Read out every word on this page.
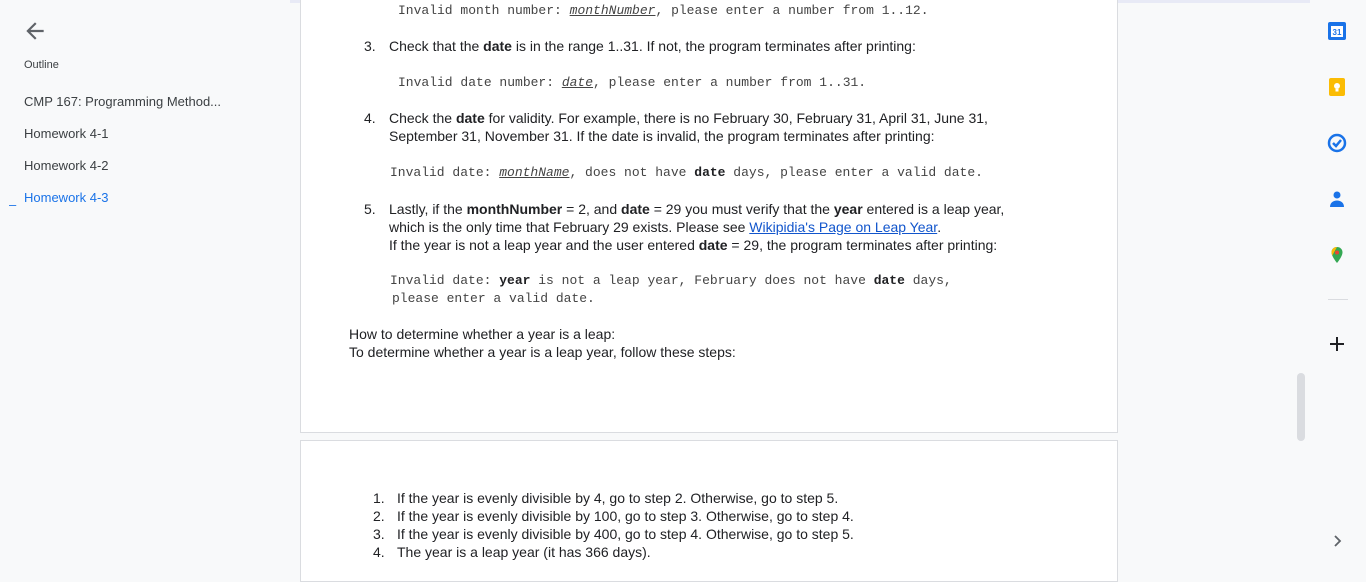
Outline
CMP 167: Programming Method...
Homework 4-1
Homework 4-2
– Homework 4-3
Invalid month number: monthNumber, please enter a number from 1..12.
3. Check that the date is in the range 1..31. If not, the program terminates after printing:
Invalid date number: date, please enter a number from 1..31.
4. Check the date for validity. For example, there is no February 30, February 31, April 31, June 31,
September 31, November 31. If the date is invalid, the program terminates after printing:
Invalid date: monthName, does not have date days, please enter a valid date.
5. Lastly, if the monthNumber = 2, and date = 29 you must verify that the year entered is a leap year,
which is the only time that February 29 exists. Please see Wikipidia's Page on Leap Year.
If the year is not a leap year and the user entered date = 29, the program terminates after printing:
Invalid date: year is not a leap year, February does not have date days,
please enter a valid date.
How to determine whether a year is a leap:
To determine whether a year is a leap year, follow these steps:
1. If the year is evenly divisible by 4, go to step 2. Otherwise, go to step 5.
2. If the year is evenly divisible by 100, go to step 3. Otherwise, go to step 4.
3. If the year is evenly divisible by 400, go to step 4. Otherwise, go to step 5.
4. The year is a leap year (it has 366 days).
31
